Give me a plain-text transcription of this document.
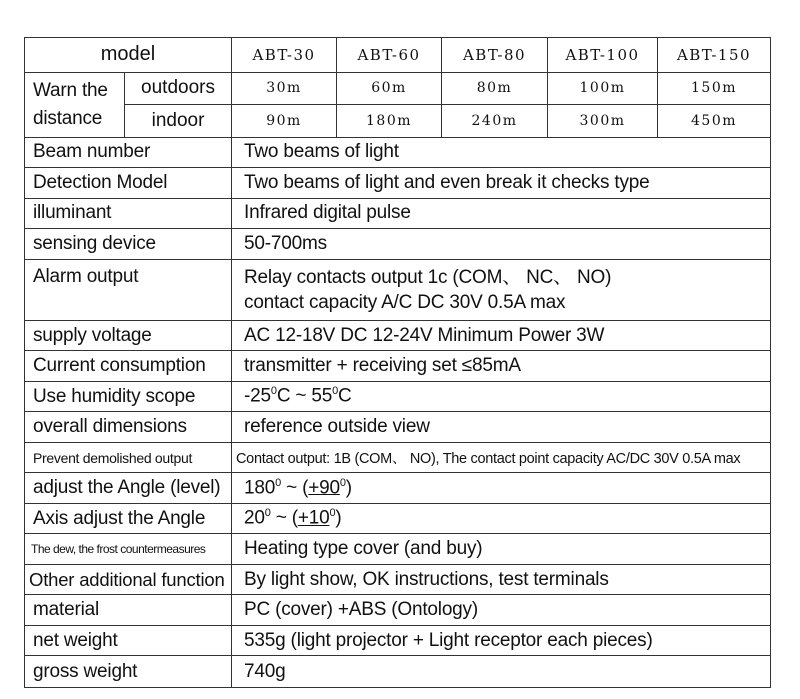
model		ABT-30	ABT-60	ABT-80	ABT-100	ABT-150
Warn the
distance	outdoors	30m	60m	80m	100m	150m
	indoor	90m	180m	240m	300m	450m
Beam number		Two beams of light				
Detection Model		Two beams of light and even break it checks type				
illuminant		Infrared digital pulse				
sensing device		50-700ms				
Alarm output		Relay contacts output 1c (COM、 NC、 NO)
contact capacity A/C DC 30V 0.5A max				
supply voltage		AC 12-18V DC 12-24V Minimum Power 3W				
Current consumption		transmitter + receiving set ≤85mA				
Use humidity scope		$-25^0C$ ~ $55^0C$				
overall dimensions		reference outside view				
Prevent demolished output		Contact output: 1B (COM、 NO), The contact point capacity AC/DC 30V 0.5A max				
adjust the Angle (level)		$180^0$ ~ $(+90^0)$				
Axis adjust the Angle		$20^0$ ~ $(+10^0)$				
The dew, the frost countermeasures		Heating type cover (and buy)				
Other additional function		By light show, OK instructions, test terminals				
material		PC (cover) +ABS (Ontology)				
net weight		535g (light projector + Light receptor each pieces)				
gross weight		740g				
